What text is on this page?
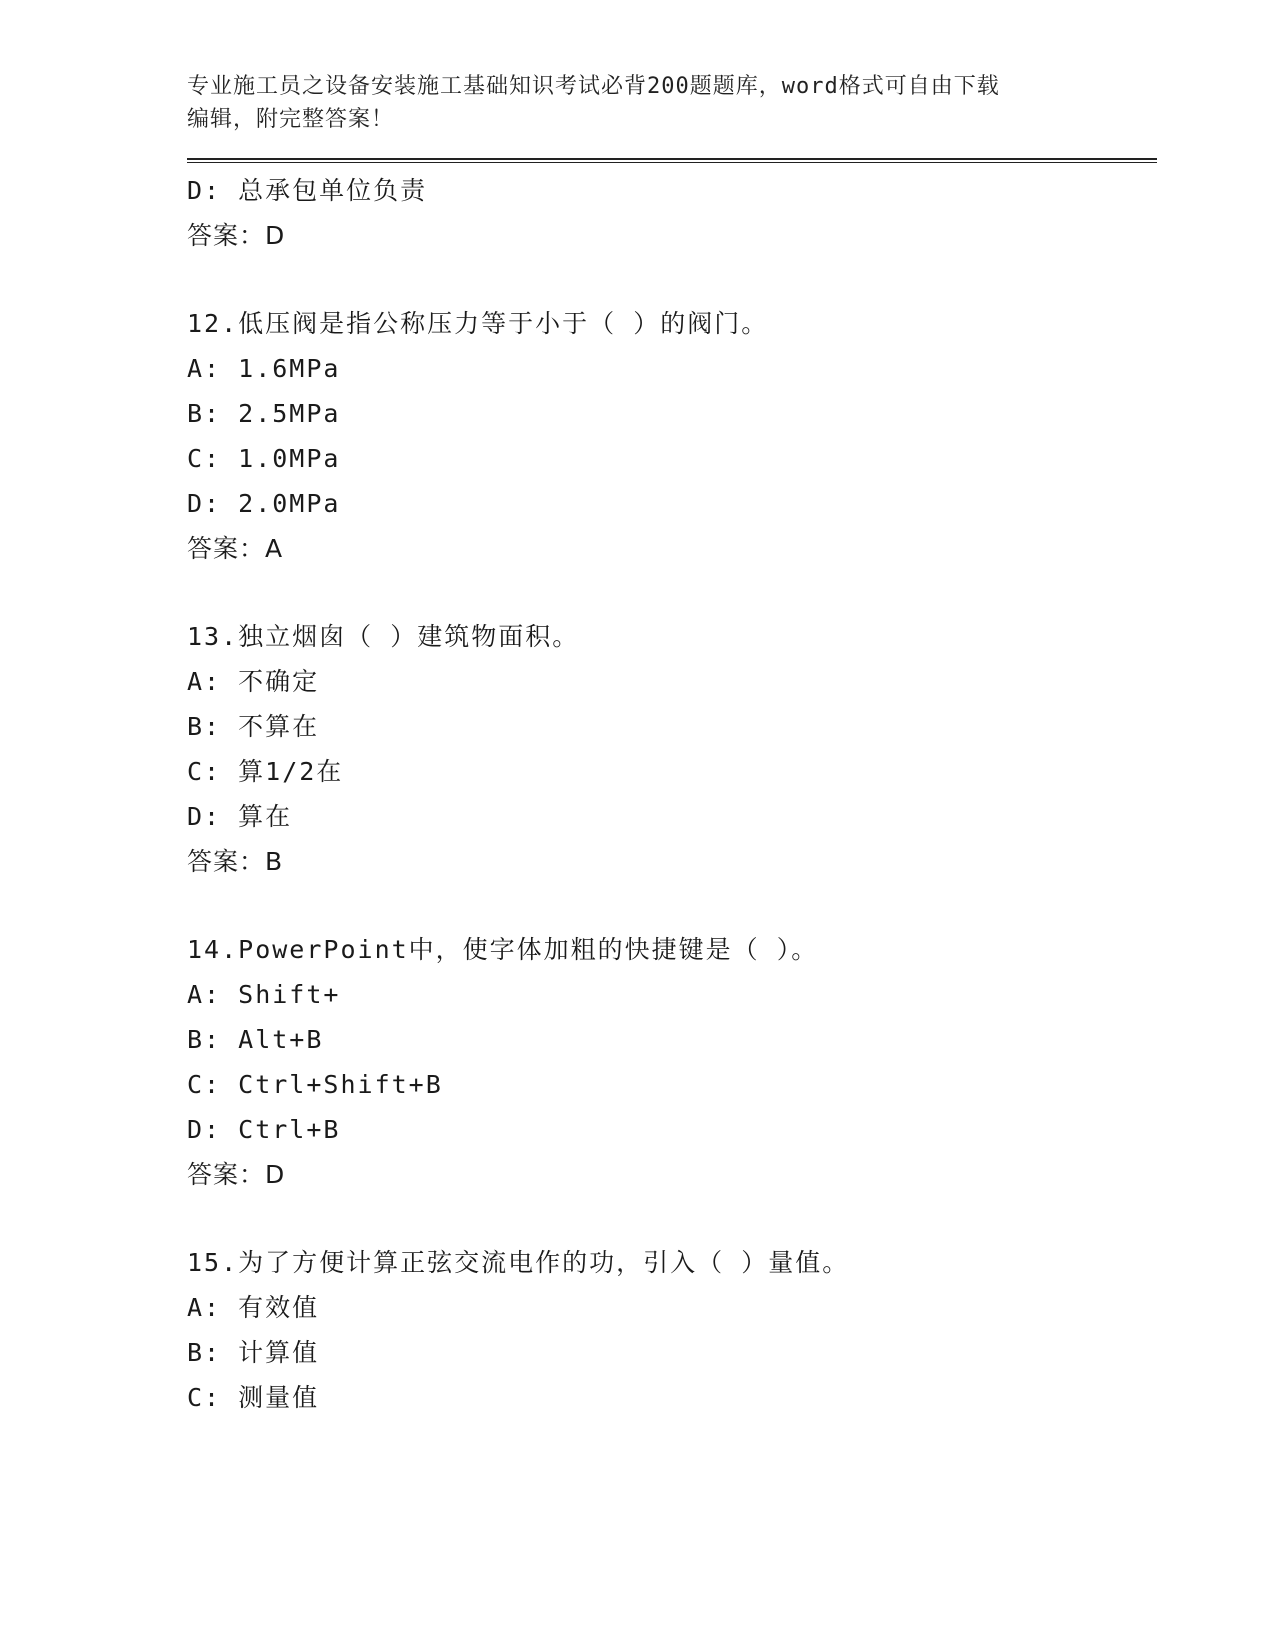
专业施工员之设备安装施工基础知识考试必背200题题库，word格式可自由下载
编辑，附完整答案！
D: 总承包单位负责
答案：D
12.低压阀是指公称压力等于小于（ ）的阀门。
A: 1.6MPa
B: 2.5MPa
C: 1.0MPa
D: 2.0MPa
答案：A
13.独立烟囱（ ）建筑物面积。
A: 不确定
B: 不算在
C: 算1/2在
D: 算在
答案：B
14.PowerPoint中，使字体加粗的快捷键是（ ）。
A: Shift+
B: Alt+B
C: Ctrl+Shift+B
D: Ctrl+B
答案：D
15.为了方便计算正弦交流电作的功，引入（ ）量值。
A: 有效值
B: 计算值
C: 测量值
